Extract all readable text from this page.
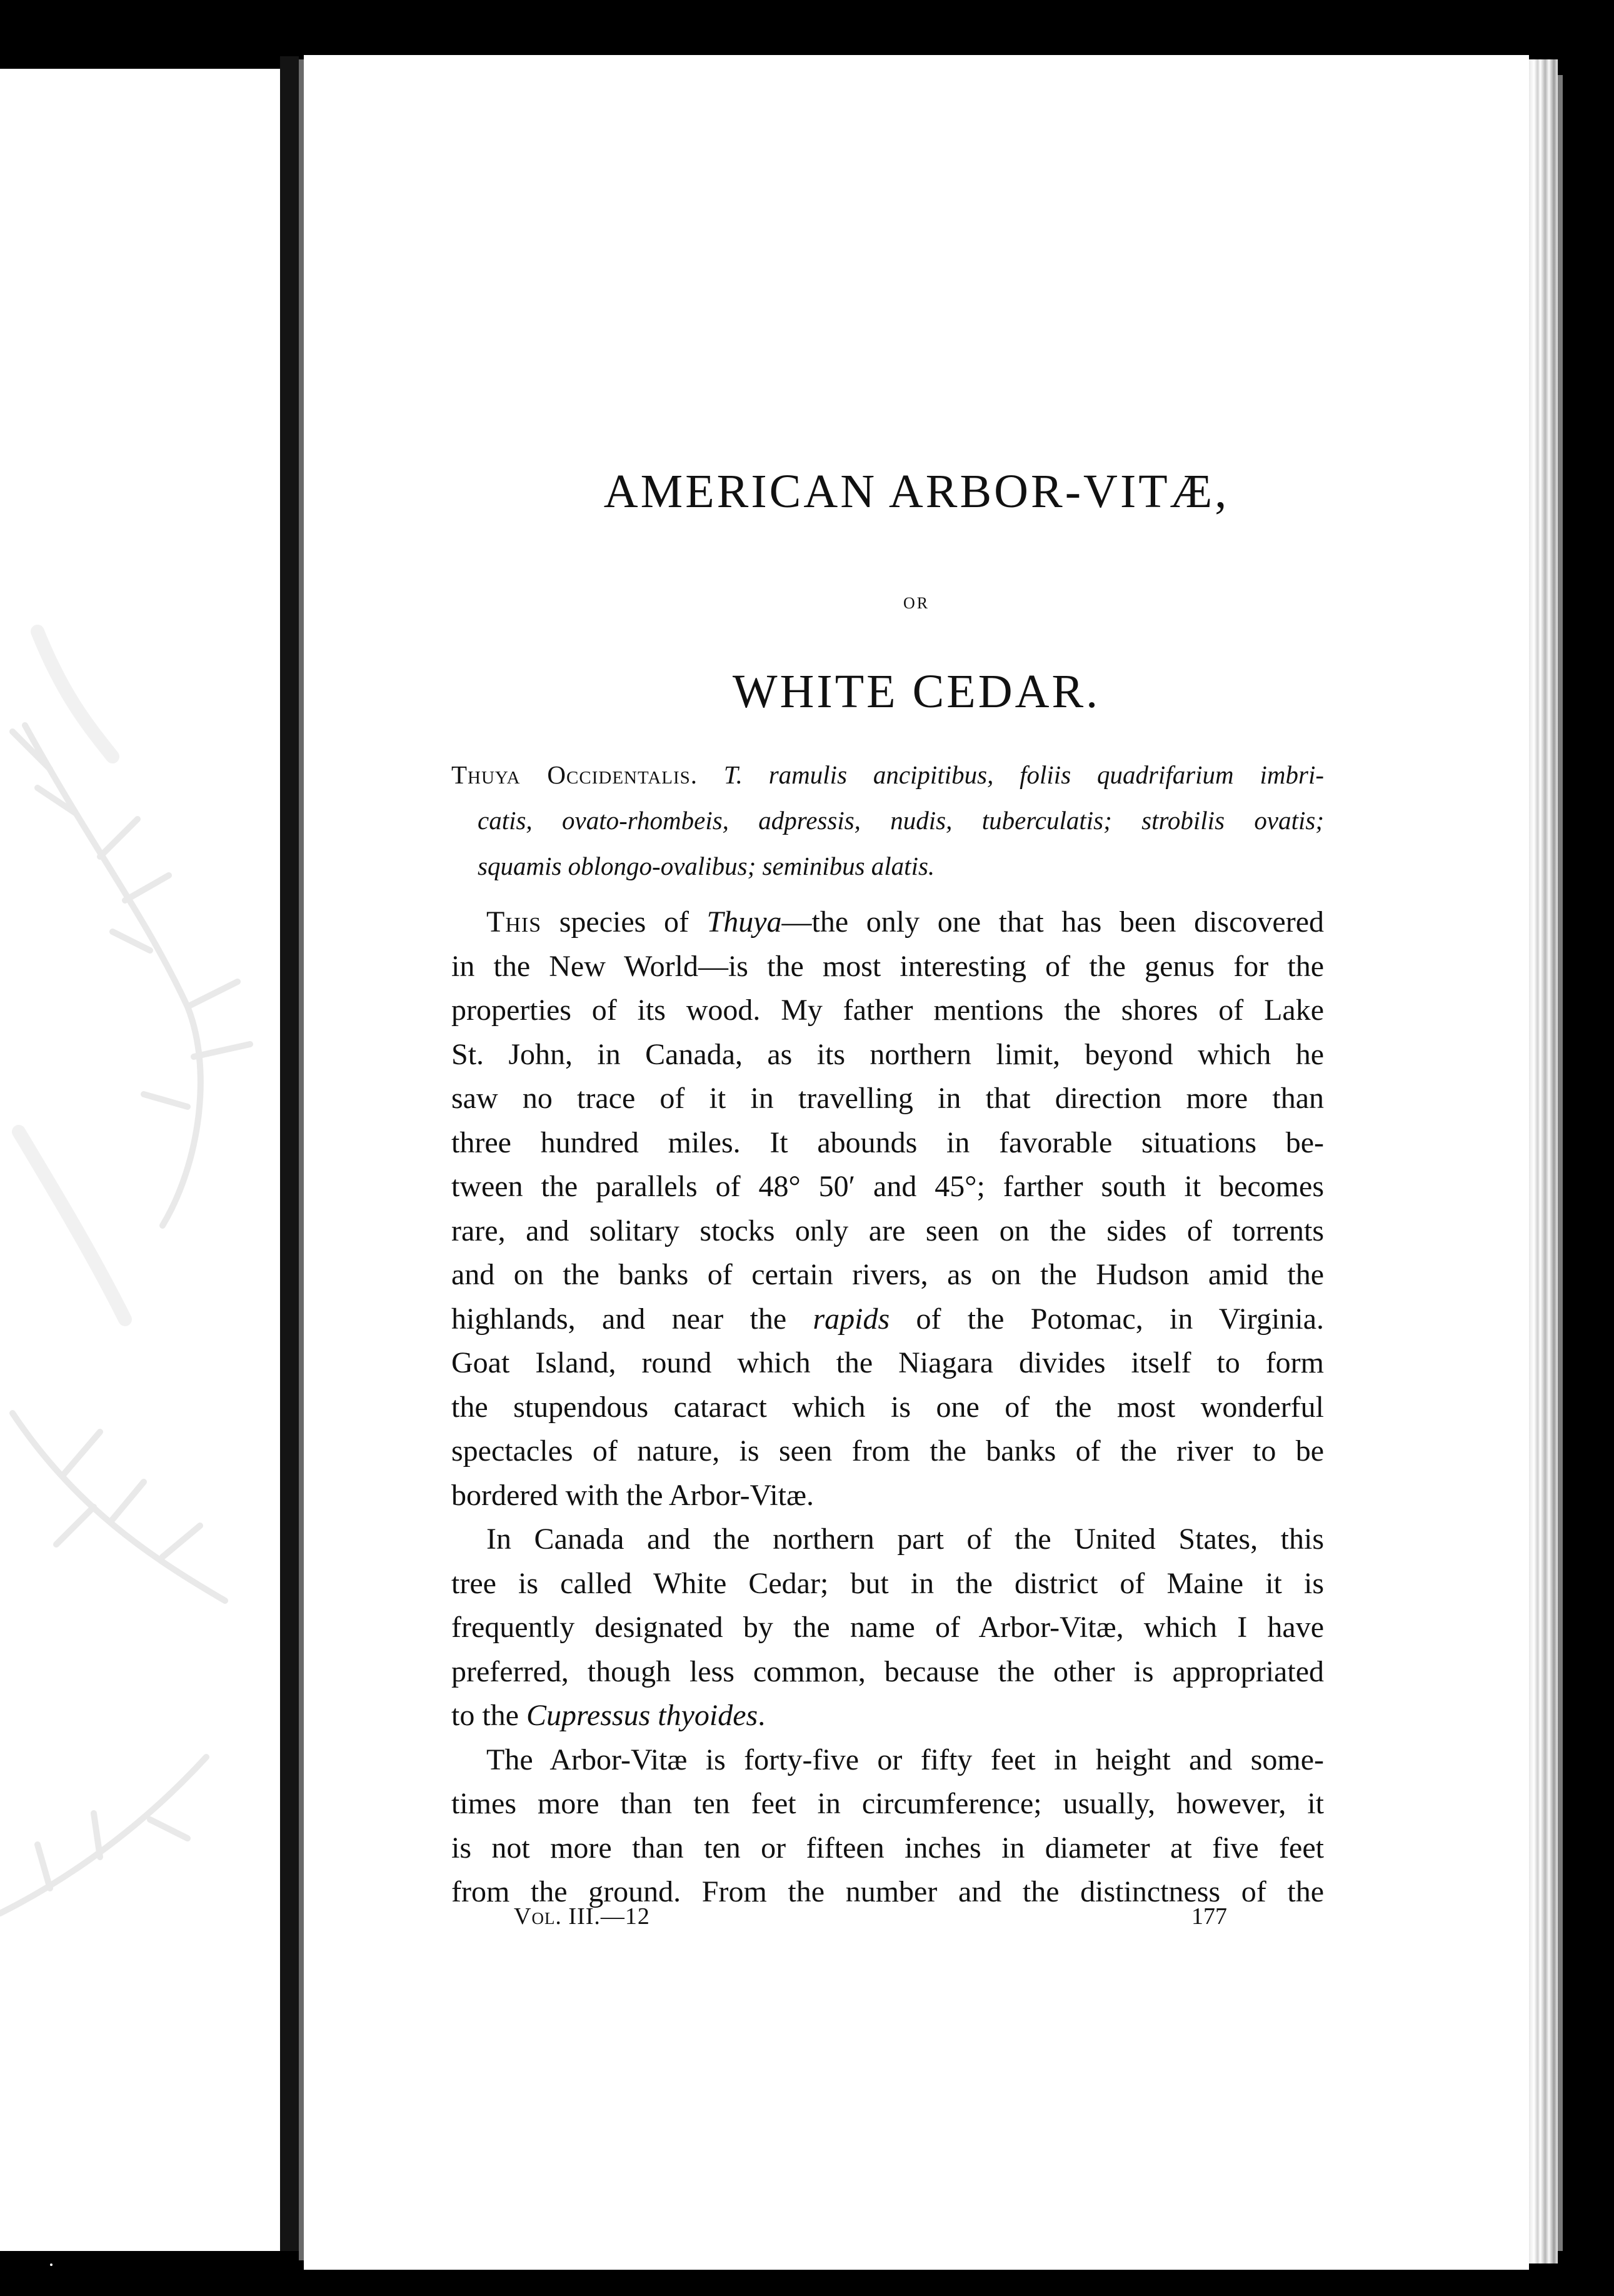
AMERICAN ARBOR-VITÆ,
OR
WHITE CEDAR.
Thuya Occidentalis. T. ramulis ancipitibus, foliis quadrifarium imbri-
catis, ovato-rhombeis, adpressis, nudis, tuberculatis; strobilis ovatis;
squamis oblongo-ovalibus; seminibus alatis.
This species of Thuya—the only one that has been discovered
in the New World—is the most interesting of the genus for the
properties of its wood. My father mentions the shores of Lake
St. John, in Canada, as its northern limit, beyond which he
saw no trace of it in travelling in that direction more than
three hundred miles. It abounds in favorable situations be-
tween the parallels of 48° 50′ and 45°; farther south it becomes
rare, and solitary stocks only are seen on the sides of torrents
and on the banks of certain rivers, as on the Hudson amid the
highlands, and near the rapids of the Potomac, in Virginia.
Goat Island, round which the Niagara divides itself to form
the stupendous cataract which is one of the most wonderful
spectacles of nature, is seen from the banks of the river to be
bordered with the Arbor-Vitæ.
In Canada and the northern part of the United States, this
tree is called White Cedar; but in the district of Maine it is
frequently designated by the name of Arbor-Vitæ, which I have
preferred, though less common, because the other is appropriated
to the Cupressus thyoides.
The Arbor-Vitæ is forty-five or fifty feet in height and some-
times more than ten feet in circumference; usually, however, it
is not more than ten or fifteen inches in diameter at five feet
from the ground. From the number and the distinctness of the
Vol. III.—12	177
